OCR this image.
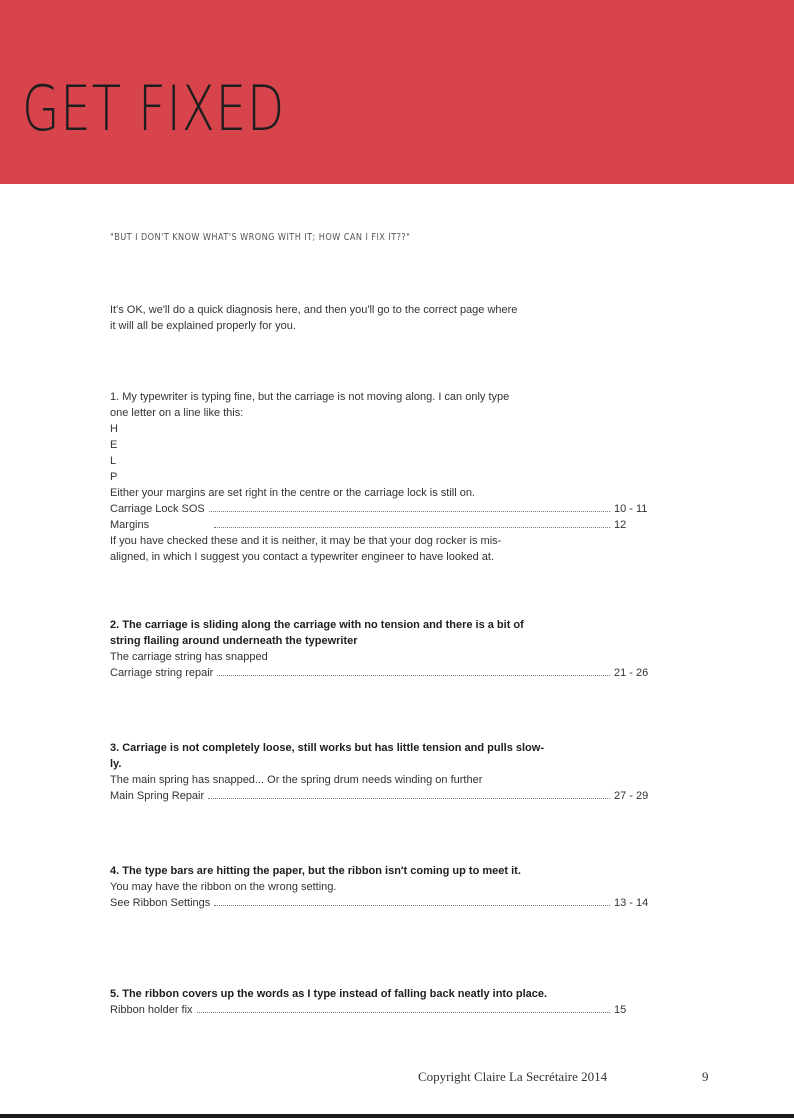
GET FIXED
"BUT I DON'T KNOW WHAT'S WRONG WITH IT; HOW CAN I FIX IT??"

It's OK, we'll do a quick diagnosis here, and then you'll go to the correct page where

it will all be explained properly for you.

1. My typewriter is typing fine, but the carriage is not moving along. I can only type

one letter on a line like this:

H

E

L

P

Either your margins are set right in the centre or the carriage lock is still on.

Carriage Lock SOS	10 - 11
Margins	12

If you have checked these and it is neither, it may be that your dog rocker is mis-

aligned, in which I suggest you contact a typewriter engineer to have looked at.

2. The carriage is sliding along the carriage with no tension and there is a bit of

string flailing around underneath the typewriter

The carriage string has snapped

Carriage string repair	21 - 26

3. Carriage is not completely loose, still works but has little tension and pulls slow-

ly.

The main spring has snapped... Or the spring drum needs winding on further

Main Spring Repair	27 - 29

4. The type bars are hitting the paper, but the ribbon isn't coming up to meet it.

You may have the ribbon on the wrong setting.

See Ribbon Settings	13 - 14

5. The ribbon covers up the words as I type instead of falling back neatly into place.

Ribbon holder fix	15
Copyright Claire La Secrétaire 2014	9
